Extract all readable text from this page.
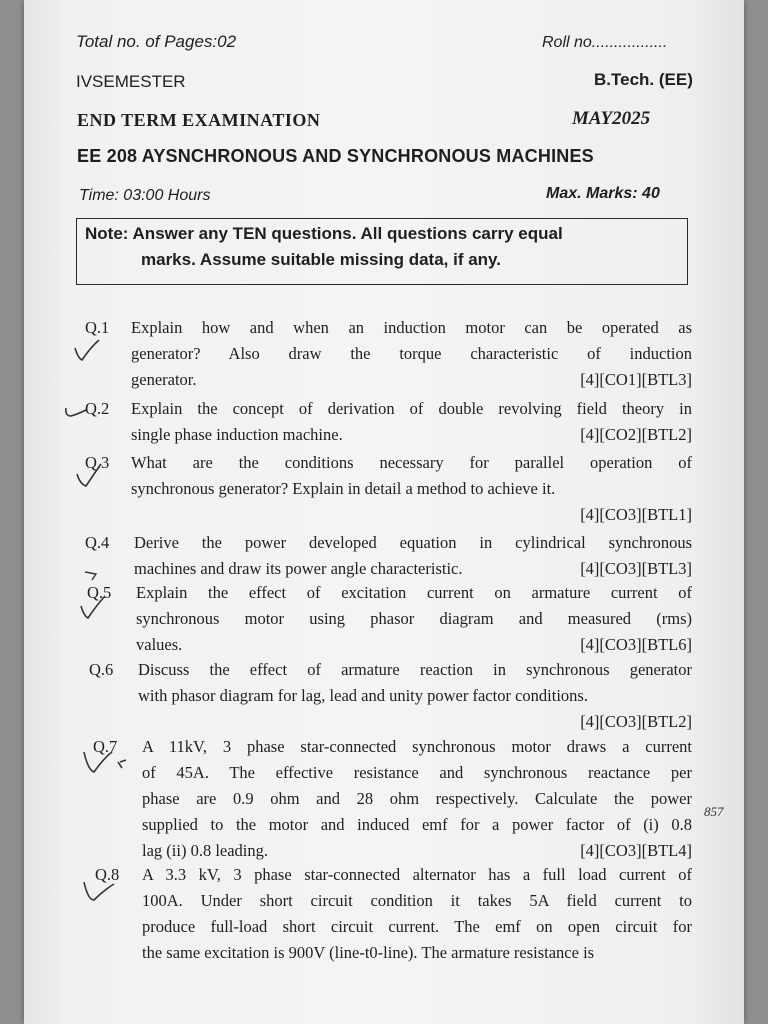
Total no. of Pages:02	Roll no.................
IVSEMESTER	B.Tech. (EE)
END TERM EXAMINATION	MAY2025
EE 208 AYSNCHRONOUS AND SYNCHRONOUS MACHINES
Time: 03:00 Hours	Max. Marks: 40
Note: Answer any TEN questions. All questions carry equal
marks. Assume suitable missing data, if any.
Q.1 Explain how and when an induction motor can be operated as
generator? Also draw the torque characteristic of induction
generator.	[4][CO1][BTL3]
Q.2 Explain the concept of derivation of double revolving field theory in
single phase induction machine.	[4][CO2][BTL2]
Q.3 What are the conditions necessary for parallel operation of
synchronous generator? Explain in detail a method to achieve it.
[4][CO3][BTL1]
Q.4 Derive the power developed equation in cylindrical synchronous
machines and draw its power angle characteristic.	[4][CO3][BTL3]
Q.5 Explain the effect of excitation current on armature current of
synchronous motor using phasor diagram and measured (rms)
values.	[4][CO3][BTL6]
Q.6 Discuss the effect of armature reaction in synchronous generator
with phasor diagram for lag, lead and unity power factor conditions.
[4][CO3][BTL2]
Q.7 A 11kV, 3 phase star-connected synchronous motor draws a current
of 45A. The effective resistance and synchronous reactance per
phase are 0.9 ohm and 28 ohm respectively. Calculate the power
supplied to the motor and induced emf for a power factor of (i) 0.8
lag (ii) 0.8 leading.	[4][CO3][BTL4]
Q.8 A 3.3 kV, 3 phase star-connected alternator has a full load current of
100A. Under short circuit condition it takes 5A field current to
produce full-load short circuit current. The emf on open circuit for
the same excitation is 900V (line-t0-line). The armature resistance is
857
